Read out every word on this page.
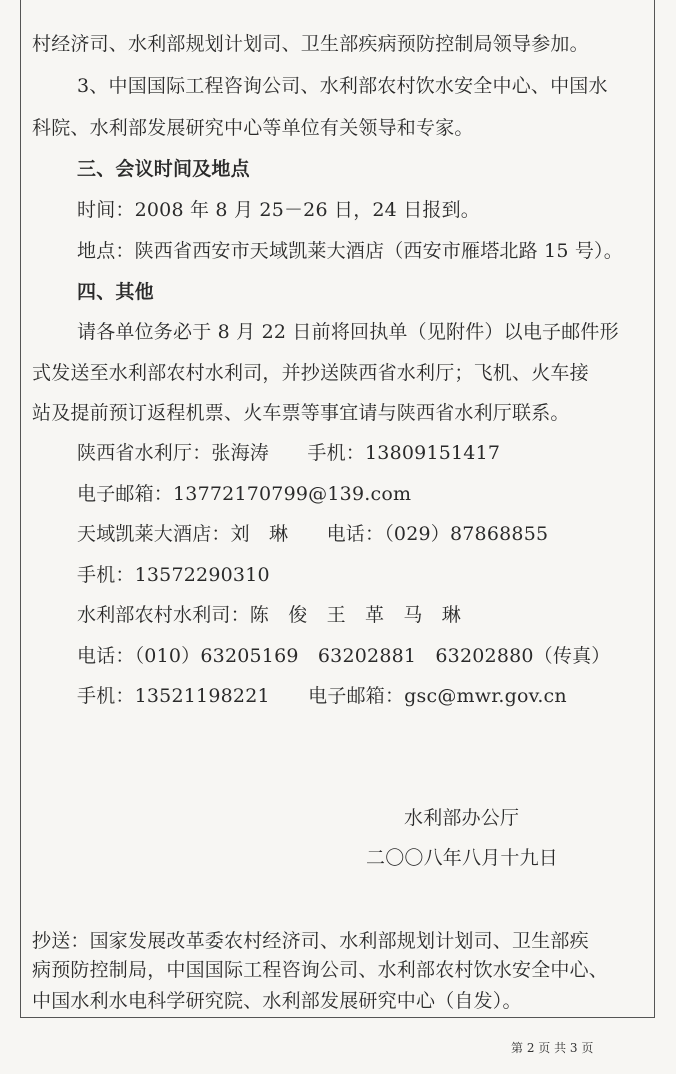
村经济司、水利部规划计划司、卫生部疾病预防控制局领导参加。
3、中国国际工程咨询公司、水利部农村饮水安全中心、中国水
科院、水利部发展研究中心等单位有关领导和专家。
三、会议时间及地点
时间：2008 年 8 月 25－26 日，24 日报到。
地点：陕西省西安市天域凯莱大酒店（西安市雁塔北路 15 号）。
四、其他
请各单位务必于 8 月 22 日前将回执单（见附件）以电子邮件形
式发送至水利部农村水利司，并抄送陕西省水利厅；飞机、火车接
站及提前预订返程机票、火车票等事宜请与陕西省水利厅联系。
陕西省水利厅：张海涛　　手机：13809151417
电子邮箱：13772170799@139.com
天域凯莱大酒店：刘　琳　　电话：（029）87868855
手机：13572290310
水利部农村水利司：陈　俊　王　革　马　琳
电话：（010）63205169　63202881　63202880（传真）
手机：13521198221　　电子邮箱：gsc@mwr.gov.cn
水利部办公厅
二〇〇八年八月十九日
抄送：国家发展改革委农村经济司、水利部规划计划司、卫生部疾
病预防控制局，中国国际工程咨询公司、水利部农村饮水安全中心、
中国水利水电科学研究院、水利部发展研究中心（自发）。
第 2 页 共 3 页
